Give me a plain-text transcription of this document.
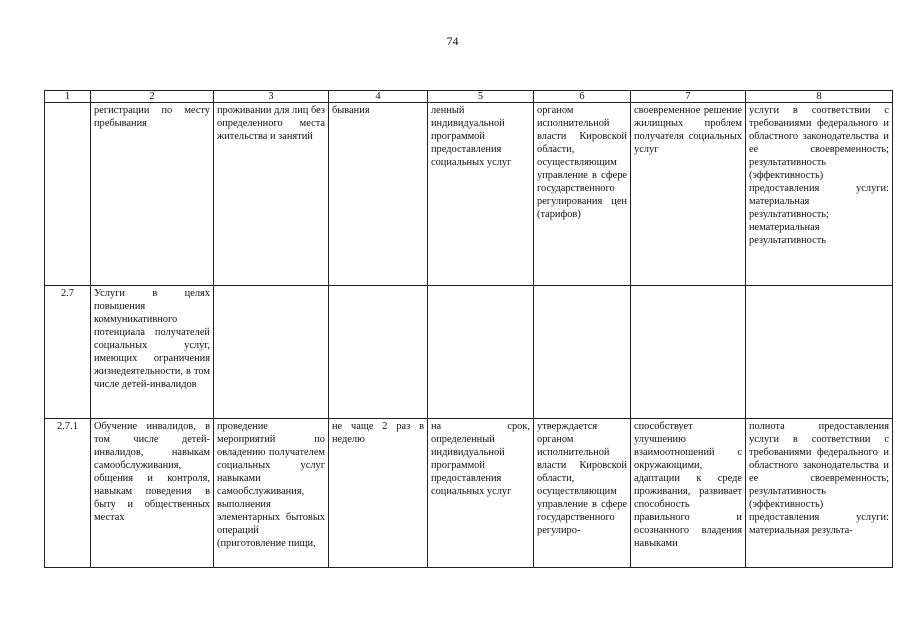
74
1	2	3	4	5	6	7	8
	регистрации по месту пребывания	проживании для лиц без определенного места жительства и занятий	бывания	ленный индивидуальной программой предоставления социальных услуг	органом исполнительной власти Кировской области, осуществляющим управление в сфере государственного регулирования цен (тарифов)	своевременное решение жилищных проблем получателя социальных услуг	услуги в соответствии с требованиями федерального и областного законодательства и ее своевременность; результативность (эффективность) предоставления услуги: материальная результативность; нематериальная результативность
2.7	Услуги в целях повышения коммуникативного потенциала получателей социальных услуг, имеющих ограничения жизнедеятельности, в том числе детей-инвалидов						
2.7.1	Обучение инвалидов, в том числе детей-инвалидов, навыкам самообслуживания, общения и контроля, навыкам поведения в быту и общественных местах	проведение мероприятий по овладению получателем социальных услуг навыками самообслуживания, выполнения элементарных бытовых операций (приготовление пищи,	не чаще 2 раз в неделю	на срок, определенный индивидуальной программой предоставления социальных услуг	утверждается органом исполнительной власти Кировской области, осуществляющим управление в сфере государственного регулиро-	способствует улучшению взаимоотношений с окружающими, адаптации к среде проживания, развивает способность правильного и осознанного владения навыками	полнота предоставления услуги в соответствии с требованиями федерального и областного законодательства и ее своевременность; результативность (эффективность) предоставления услуги: материальная результа-
